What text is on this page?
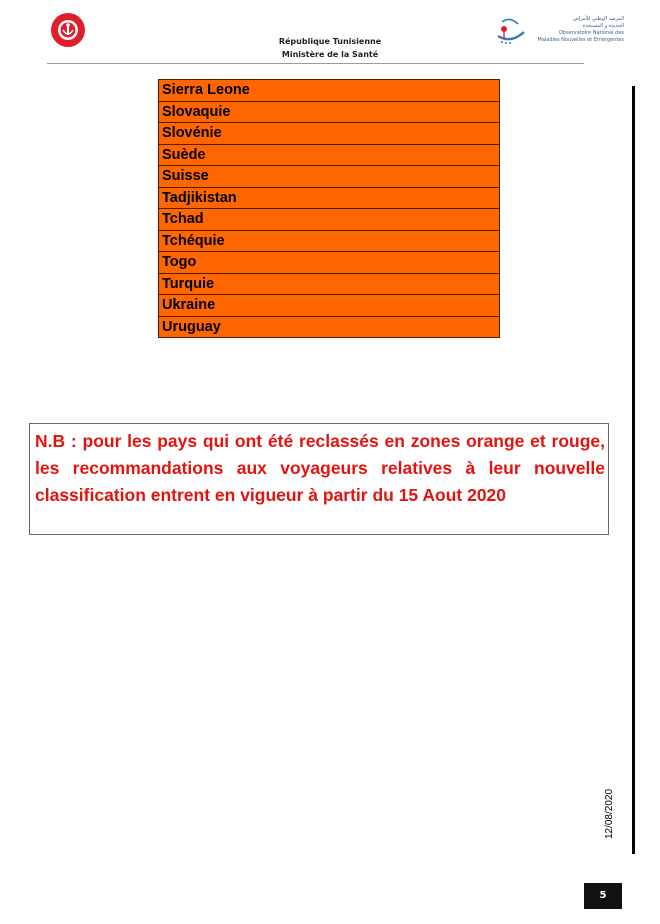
المرصد الوطني للأمراض
الجديدة و المستجدة
Observatoire National des
Maladies Nouvelles et Emergentes
République Tunisienne
Ministère de la Santé
Sierra Leone
Slovaquie
Slovénie
Suède
Suisse
Tadjikistan
Tchad
Tchéquie
Togo
Turquie
Ukraine
Uruguay

N.B : pour les pays qui ont été reclassés en zones orange et rouge, les recommandations aux voyageurs relatives à leur nouvelle classification entrent en vigueur à partir du 15 Aout 2020

12/08/2020
5
